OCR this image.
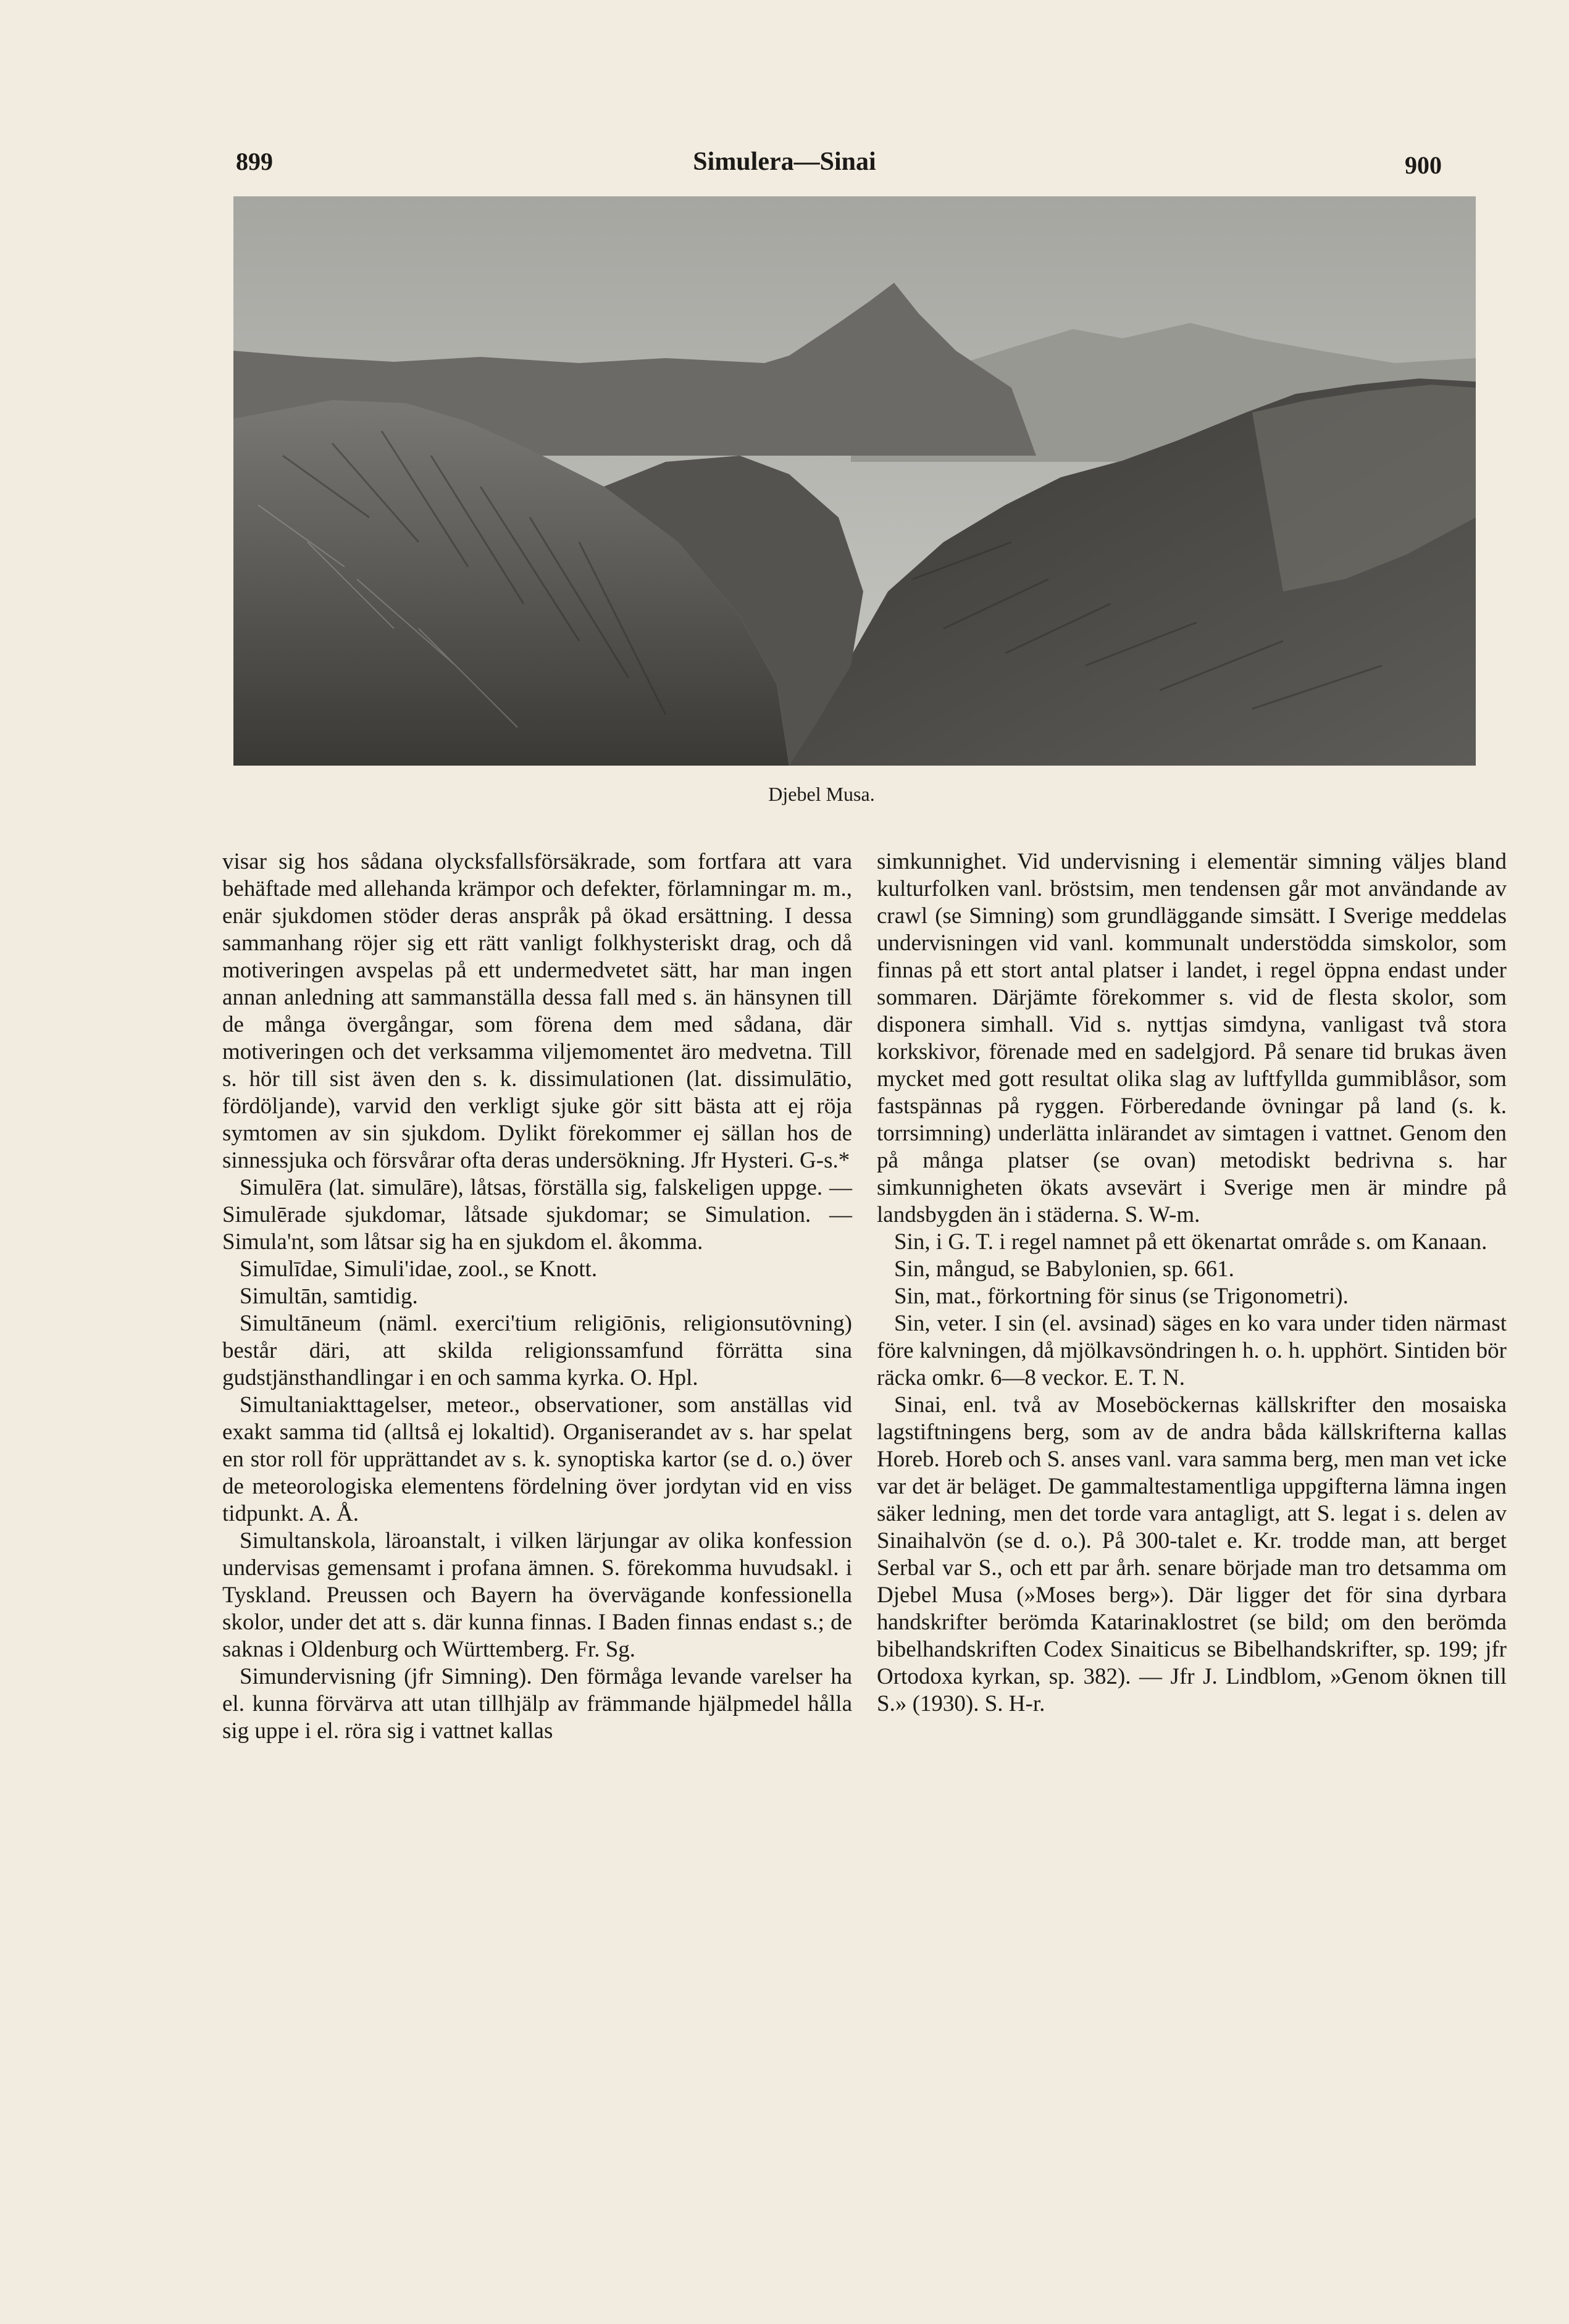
899	Simulera—Sinai	900
Djebel Musa.

visar sig hos sådana olycksfallsförsäkrade, som fortfara att vara behäftade med allehanda krämpor och defekter, förlamningar m. m., enär sjukdomen stöder deras anspråk på ökad ersättning. I dessa sammanhang röjer sig ett rätt vanligt folkhysteriskt drag, och då motiveringen avspelas på ett undermedvetet sätt, har man ingen annan anledning att sammanställa dessa fall med s. än hänsynen till de många övergångar, som förena dem med sådana, där motiveringen och det verksamma viljemomentet äro medvetna. Till s. hör till sist även den s. k. dissimulationen (lat. dissimulātio, fördöljande), varvid den verkligt sjuke gör sitt bästa att ej röja symtomen av sin sjukdom. Dylikt förekommer ej sällan hos de sinnessjuka och försvårar ofta deras undersökning. Jfr Hysteri. G-s.*

Simulēra (lat. simulāre), låtsas, förställa sig, falskeligen uppge. — Simulērade sjukdomar, låtsade sjukdomar; se Simulation. — Simula'nt, som låtsar sig ha en sjukdom el. åkomma.

Simulīdae, Simuli'idae, zool., se Knott.

Simultān, samtidig.

Simultāneum (näml. exerci'tium religiōnis, religionsutövning) består däri, att skilda religionssamfund förrätta sina gudstjänsthandlingar i en och samma kyrka. O. Hpl.

Simultaniakttagelser, meteor., observationer, som anställas vid exakt samma tid (alltså ej lokaltid). Organiserandet av s. har spelat en stor roll för upprättandet av s. k. synoptiska kartor (se d. o.) över de meteorologiska elementens fördelning över jordytan vid en viss tidpunkt. A. Å.

Simultanskola, läroanstalt, i vilken lärjungar av olika konfession undervisas gemensamt i profana ämnen. S. förekomma huvudsakl. i Tyskland. Preussen och Bayern ha övervägande konfessionella skolor, under det att s. där kunna finnas. I Baden finnas endast s.; de saknas i Oldenburg och Württemberg. Fr. Sg.

Simundervisning (jfr Simning). Den förmåga levande varelser ha el. kunna förvärva att utan tillhjälp av främmande hjälpmedel hålla sig uppe i el. röra sig i vattnet kallas

simkunnighet. Vid undervisning i elementär simning väljes bland kulturfolken vanl. bröstsim, men tendensen går mot användande av crawl (se Simning) som grundläggande simsätt. I Sverige meddelas undervisningen vid vanl. kommunalt understödda simskolor, som finnas på ett stort antal platser i landet, i regel öppna endast under sommaren. Därjämte förekommer s. vid de flesta skolor, som disponera simhall. Vid s. nyttjas simdyna, vanligast två stora korkskivor, förenade med en sadelgjord. På senare tid brukas även mycket med gott resultat olika slag av luftfyllda gummiblåsor, som fastspännas på ryggen. Förberedande övningar på land (s. k. torrsimning) underlätta inlärandet av simtagen i vattnet. Genom den på många platser (se ovan) metodiskt bedrivna s. har simkunnigheten ökats avsevärt i Sverige men är mindre på landsbygden än i städerna. S. W-m.

Sin, i G. T. i regel namnet på ett ökenartat område s. om Kanaan.

Sin, mångud, se Babylonien, sp. 661.

Sin, mat., förkortning för sinus (se Trigonometri).

Sin, veter. I sin (el. avsinad) säges en ko vara under tiden närmast före kalvningen, då mjölkavsöndringen h. o. h. upphört. Sintiden bör räcka omkr. 6—8 veckor. E. T. N.

Sinai, enl. två av Moseböckernas källskrifter den mosaiska lagstiftningens berg, som av de andra båda källskrifterna kallas Horeb. Horeb och S. anses vanl. vara samma berg, men man vet icke var det är beläget. De gammaltestamentliga uppgifterna lämna ingen säker ledning, men det torde vara antagligt, att S. legat i s. delen av Sinaihalvön (se d. o.). På 300-talet e. Kr. trodde man, att berget Serbal var S., och ett par årh. senare började man tro detsamma om Djebel Musa (»Moses berg»). Där ligger det för sina dyrbara handskrifter berömda Katarinaklostret (se bild; om den berömda bibelhandskriften Codex Sinaiticus se Bibelhandskrifter, sp. 199; jfr Ortodoxa kyrkan, sp. 382). — Jfr J. Lindblom, »Genom öknen till S.» (1930). S. H-r.
